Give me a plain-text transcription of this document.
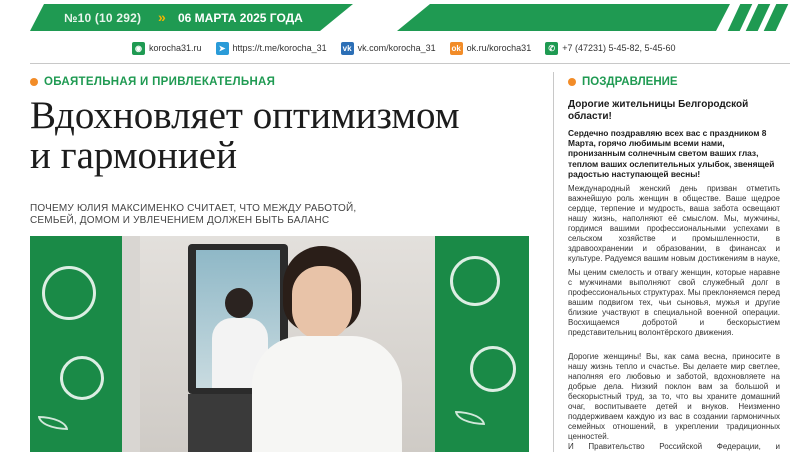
№10 (10 292) » 06 МАРТА 2025 ГОДА
◉ korocha31.ru	➤ https://t.me/korocha_31 vk vk.com/korocha_31 ok ok.ru/korocha31	✆ +7 (47231) 5-45-82, 5-45-60
ОБАЯТЕЛЬНАЯ И ПРИВЛЕКАТЕЛЬНАЯ
Вдохновляет оптимизмом
и гармонией
ПОЧЕМУ ЮЛИЯ МАКСИМЕНКО СЧИТАЕТ, ЧТО МЕЖДУ РАБОТОЙ, СЕМЬЕЙ, ДОМОМ И УВЛЕЧЕНИЕМ ДОЛЖЕН БЫТЬ БАЛАНС
ПОЗДРАВЛЕНИЕ
Дорогие жительницы Белгородской области!
Сердечно поздравляю всех вас с праздником 8 Марта, горячо любимым всеми нами, пронизанным солнечным светом ваших глаз, теплом ваших ослепительных улыбок, звенящей радостью наступающей весны!
Международный женский день призван отметить важнейшую роль женщин в обществе. Ваше щедрое сердце, терпение и мудрость, ваша забота освещают нашу жизнь, наполняют её смыслом. Мы, мужчины, гордимся вашими профессиональными успехами в сельском хозяйстве и промышленности, в здравоохранении и образовании, в финансах и культуре. Радуемся вашим новым достижениям в науке,
Мы ценим смелость и отвагу женщин, которые наравне с мужчинами выполняют свой служебный долг в профессиональных структурах. Мы преклоняемся перед вашим подвигом тех, чьи сыновья, мужья и другие близкие участвуют в специальной военной операции. Восхищаемся добротой и бескорыстием представительниц волонтёрского движения.
Дорогие женщины! Вы, как сама весна, приносите в нашу жизнь тепло и счастье. Вы делаете мир светлее, наполняя его любовью и заботой, вдохновляете на добрые дела. Низкий поклон вам за большой и бескорыстный труд, за то, что вы храните домашний очаг, воспитываете детей и внуков. Неизменно поддерживаем каждую из вас в создании гармоничных семейных отношений, в укреплении традиционных ценностей.
И Правительство Российской Федерации, и
